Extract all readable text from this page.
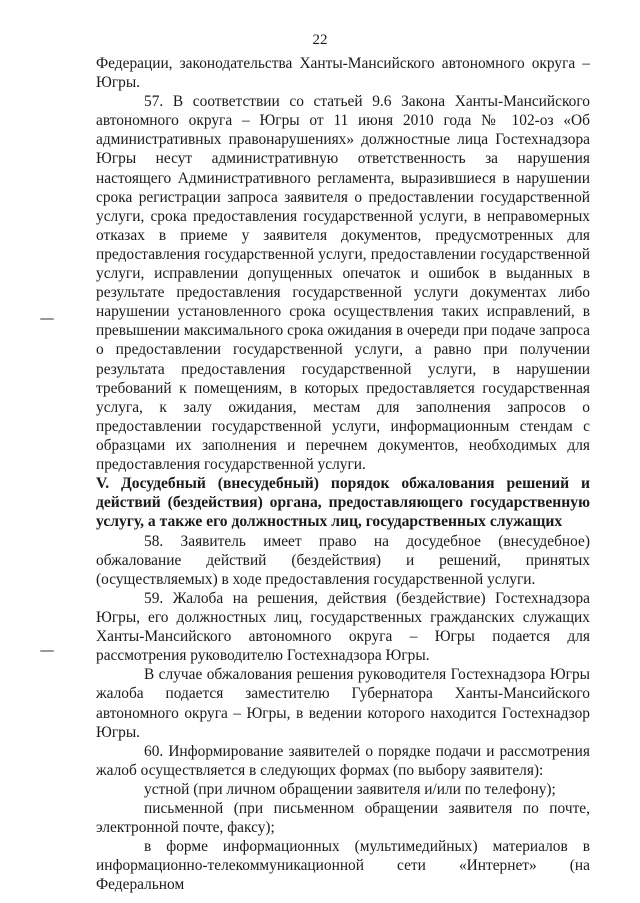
22

Федерации, законодательства Ханты-Мансийского автономного округа – Югры.

57. В соответствии со статьей 9.6 Закона Ханты-Мансийского автономного округа – Югры от 11 июня 2010 года № 102-оз «Об административных правонарушениях» должностные лица Гостехнадзора Югры несут административную ответственность за нарушения настоящего Административного регламента, выразившиеся в нарушении срока регистрации запроса заявителя о предоставлении государственной услуги, срока предоставления государственной услуги, в неправомерных отказах в приеме у заявителя документов, предусмотренных для предоставления государственной услуги, предоставлении государственной услуги, исправлении допущенных опечаток и ошибок в выданных в результате предоставления государственной услуги документах либо нарушении установленного срока осуществления таких исправлений, в превышении максимального срока ожидания в очереди при подаче запроса о предоставлении государственной услуги, а равно при получении результата предоставления государственной услуги, в нарушении требований к помещениям, в которых предоставляется государственная услуга, к залу ожидания, местам для заполнения запросов о предоставлении государственной услуги, информационным стендам с образцами их заполнения и перечнем документов, необходимых для предоставления государственной услуги.

V. Досудебный (внесудебный) порядок обжалования решений и действий (бездействия) органа, предоставляющего государственную услугу, а также его должностных лиц, государственных служащих

58. Заявитель имеет право на досудебное (внесудебное) обжалование действий (бездействия) и решений, принятых (осуществляемых) в ходе предоставления государственной услуги.

59. Жалоба на решения, действия (бездействие) Гостехнадзора Югры, его должностных лиц, государственных гражданских служащих Ханты-Мансийского автономного округа – Югры подается для рассмотрения руководителю Гостехнадзора Югры.

В случае обжалования решения руководителя Гостехнадзора Югры жалоба подается заместителю Губернатора Ханты-Мансийского автономного округа – Югры, в ведении которого находится Гостехнадзор Югры.

60. Информирование заявителей о порядке подачи и рассмотрения жалоб осуществляется в следующих формах (по выбору заявителя):

устной (при личном обращении заявителя и/или по телефону);

письменной (при письменном обращении заявителя по почте, электронной почте, факсу);

в форме информационных (мультимедийных) материалов в информационно-телекоммуникационной сети «Интернет» (на Федеральном
